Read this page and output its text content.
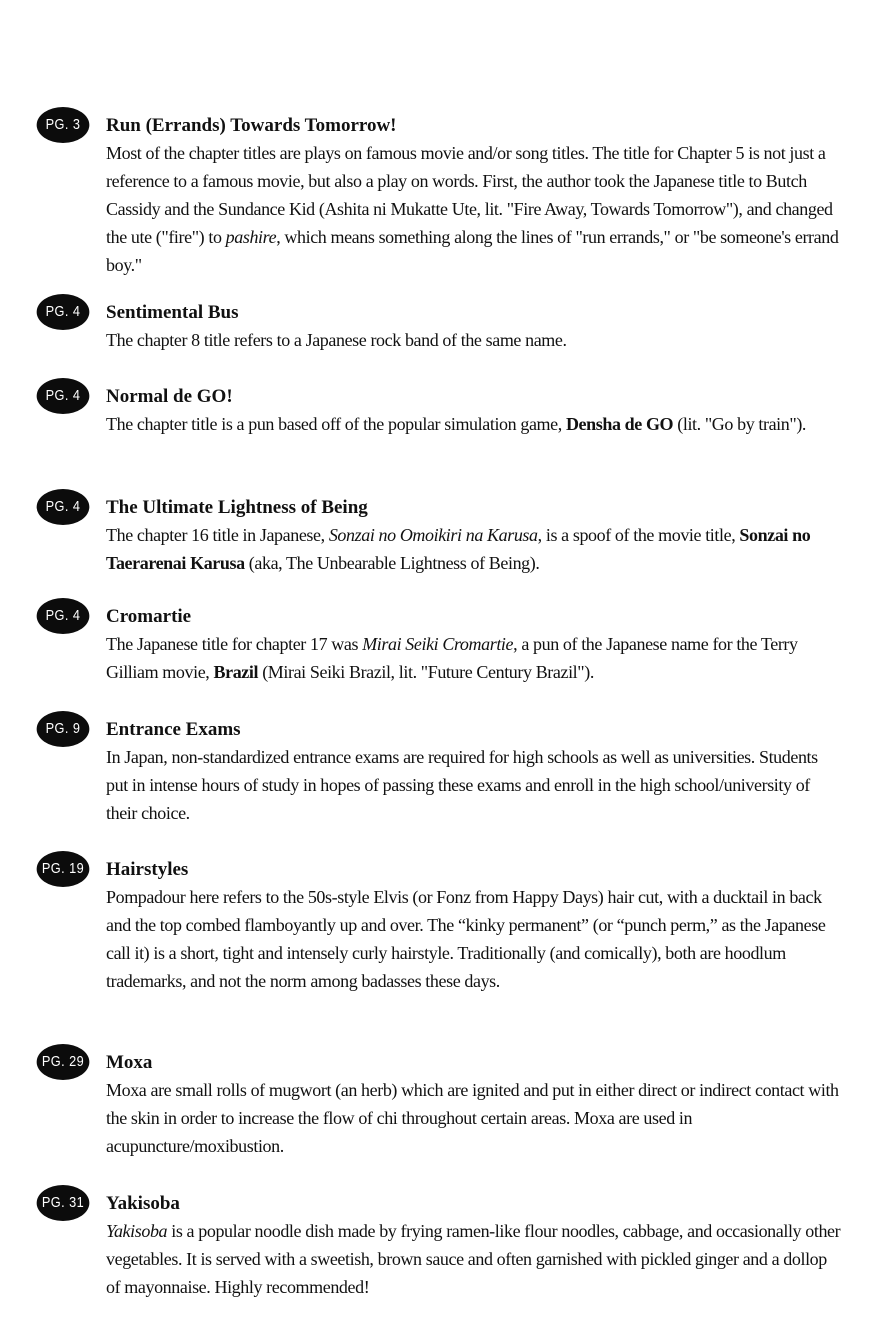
PG. 3	Run (Errands) Towards Tomorrow!

Most of the chapter titles are plays on famous movie and/or song titles. The title for Chapter 5 is not just a reference to a famous movie, but also a play on words. First, the author took the Japanese title to Butch Cassidy and the Sundance Kid (Ashita ni Mukatte Ute, lit. "Fire Away, Towards Tomorrow"), and changed the ute ("fire") to pashire, which means something along the lines of "run errands," or "be someone's errand boy."

PG. 4	Sentimental Bus

The chapter 8 title refers to a Japanese rock band of the same name.

PG. 4	Normal de GO!

The chapter title is a pun based off of the popular simulation game, Densha de GO (lit. "Go by train").

PG. 4	The Ultimate Lightness of Being

The chapter 16 title in Japanese, Sonzai no Omoikiri na Karusa, is a spoof of the movie title, Sonzai no Taerarenai Karusa (aka, The Unbearable Lightness of Being).

PG. 4	Cromartie

The Japanese title for chapter 17 was Mirai Seiki Cromartie, a pun of the Japanese name for the Terry Gilliam movie, Brazil (Mirai Seiki Brazil, lit. "Future Century Brazil").

PG. 9	Entrance Exams

In Japan, non-standardized entrance exams are required for high schools as well as universities. Students put in intense hours of study in hopes of passing these exams and enroll in the high school/university of their choice.

PG. 19 Hairstyles

Pompadour here refers to the 50s-style Elvis (or Fonz from Happy Days) hair cut, with a ducktail in back and the top combed flamboyantly up and over. The “kinky permanent” (or “punch perm,” as the Japanese call it) is a short, tight and intensely curly hairstyle. Traditionally (and comically), both are hoodlum trademarks, and not the norm among badasses these days.

PG. 29 Moxa

Moxa are small rolls of mugwort (an herb) which are ignited and put in either direct or indirect contact with the skin in order to increase the flow of chi throughout certain areas. Moxa are used in acupuncture/moxibustion.

PG. 31 Yakisoba

Yakisoba is a popular noodle dish made by frying ramen-like flour noodles, cabbage, and occasionally other vegetables. It is served with a sweetish, brown sauce and often garnished with pickled ginger and a dollop of mayonnaise. Highly recommended!
